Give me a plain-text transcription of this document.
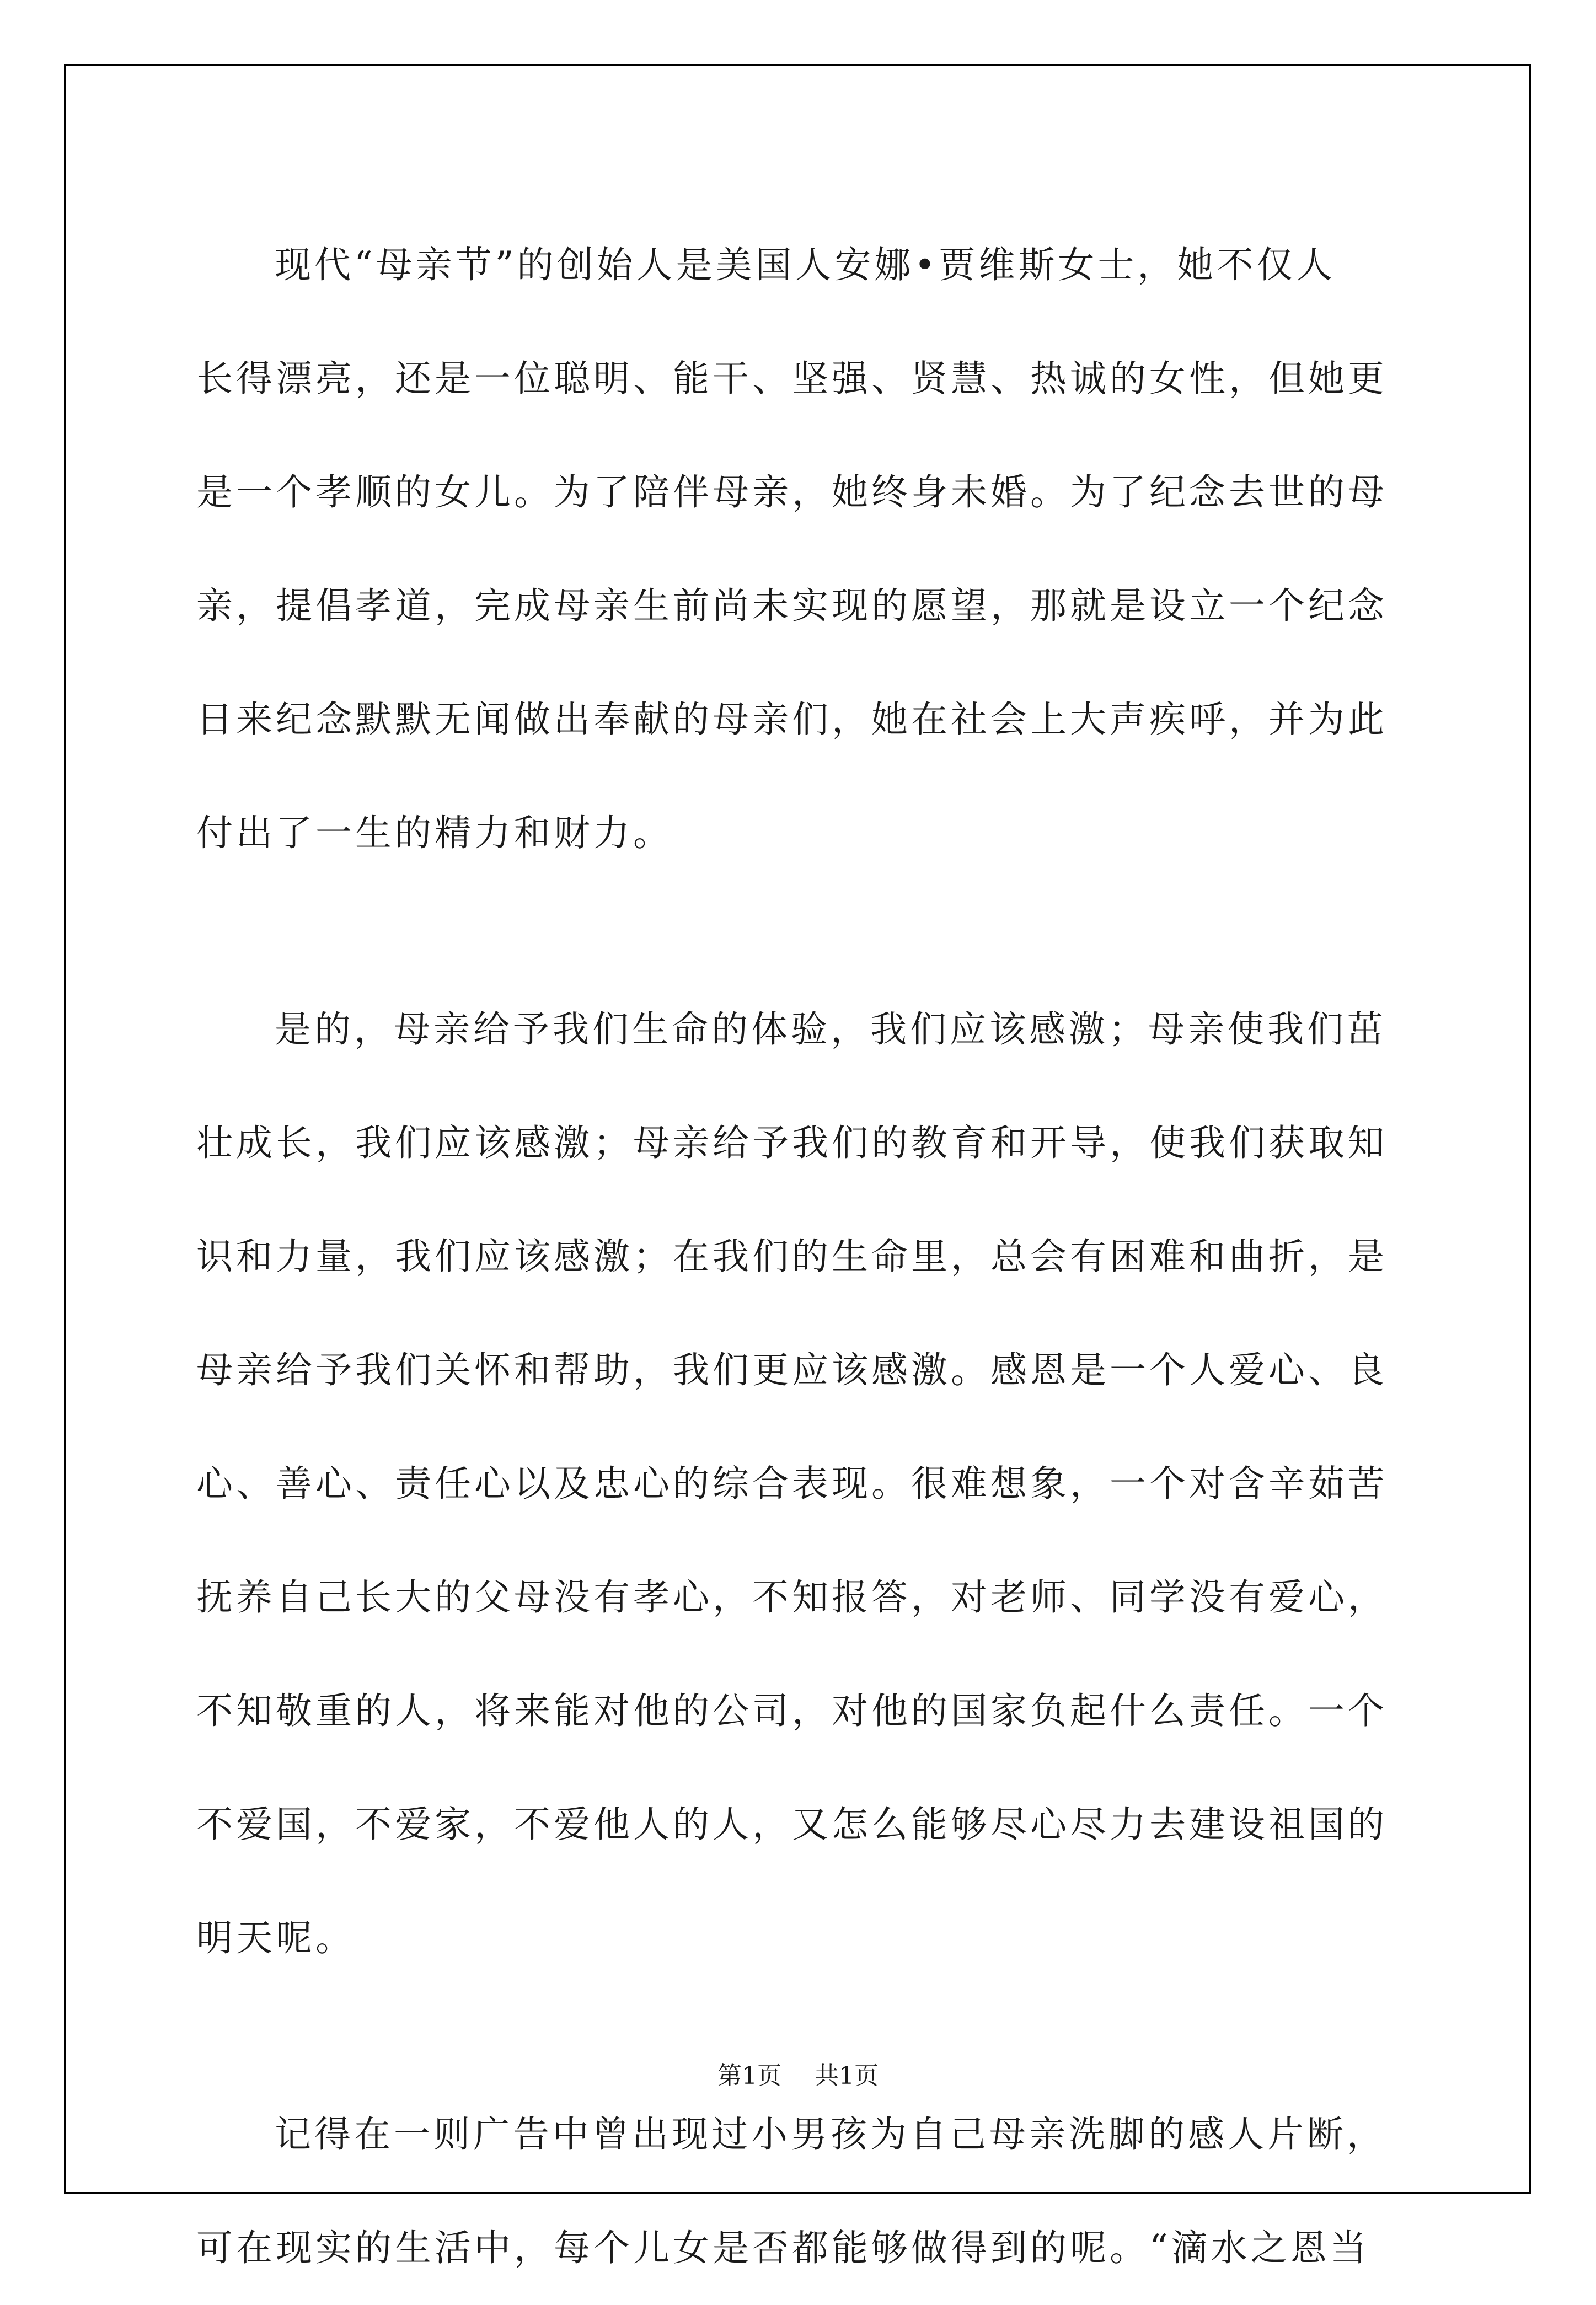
现代“母亲节”的创始人是美国人安娜•贾维斯女士，她不仅人
长得漂亮，还是一位聪明、能干、坚强、贤慧、热诚的女性，但她更
是一个孝顺的女儿。为了陪伴母亲，她终身未婚。为了纪念去世的母
亲，提倡孝道，完成母亲生前尚未实现的愿望，那就是设立一个纪念
日来纪念默默无闻做出奉献的母亲们，她在社会上大声疾呼，并为此
付出了一生的精力和财力。
是的，母亲给予我们生命的体验，我们应该感激；母亲使我们茁
壮成长，我们应该感激；母亲给予我们的教育和开导，使我们获取知
识和力量，我们应该感激；在我们的生命里，总会有困难和曲折，是
母亲给予我们关怀和帮助，我们更应该感激。感恩是一个人爱心、良
心、善心、责任心以及忠心的综合表现。很难想象，一个对含辛茹苦
抚养自己长大的父母没有孝心，不知报答，对老师、同学没有爱心，
不知敬重的人，将来能对他的公司，对他的国家负起什么责任。一个
不爱国，不爱家，不爱他人的人，又怎么能够尽心尽力去建设祖国的
明天呢。
记得在一则广告中曾出现过小男孩为自己母亲洗脚的感人片断，
可在现实的生活中，每个儿女是否都能够做得到的呢。“滴水之恩当
第1页 共1页
